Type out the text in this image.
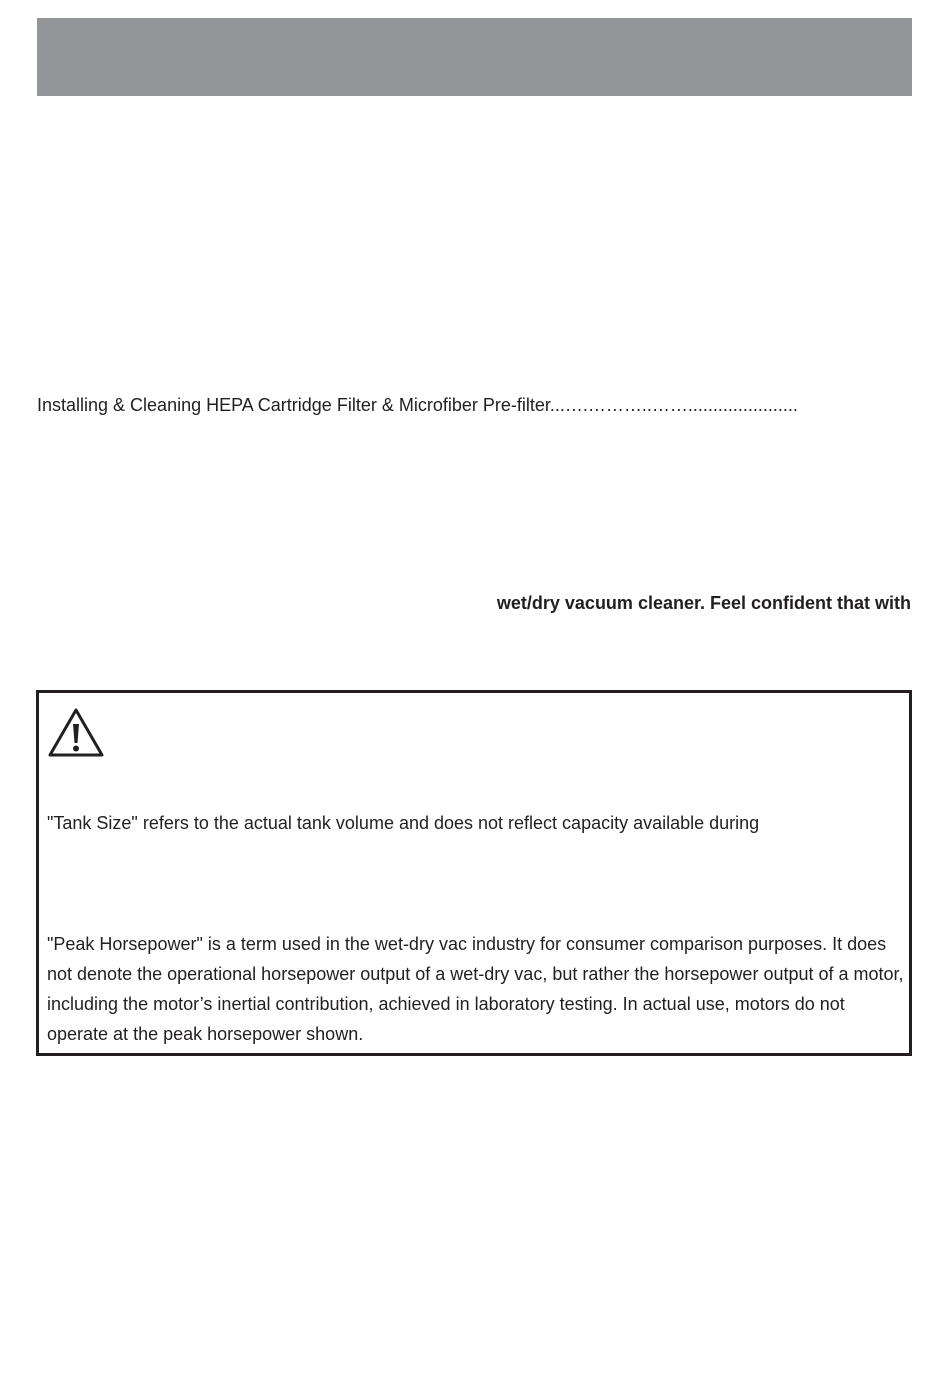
Installing & Cleaning HEPA Cartridge Filter & Microfiber Pre-filter...….………..……......................
wet/dry vacuum cleaner. Feel confident that with
"Tank Size" refers to the actual tank volume and does not reflect capacity available during
"Peak Horsepower" is a term used in the wet-dry vac industry for consumer comparison purposes. It does not denote the operational horsepower output of a wet-dry vac, but rather the horsepower output of a motor, including the motor’s inertial contribution, achieved in laboratory testing. In actual use, motors do not operate at the peak horsepower shown.
